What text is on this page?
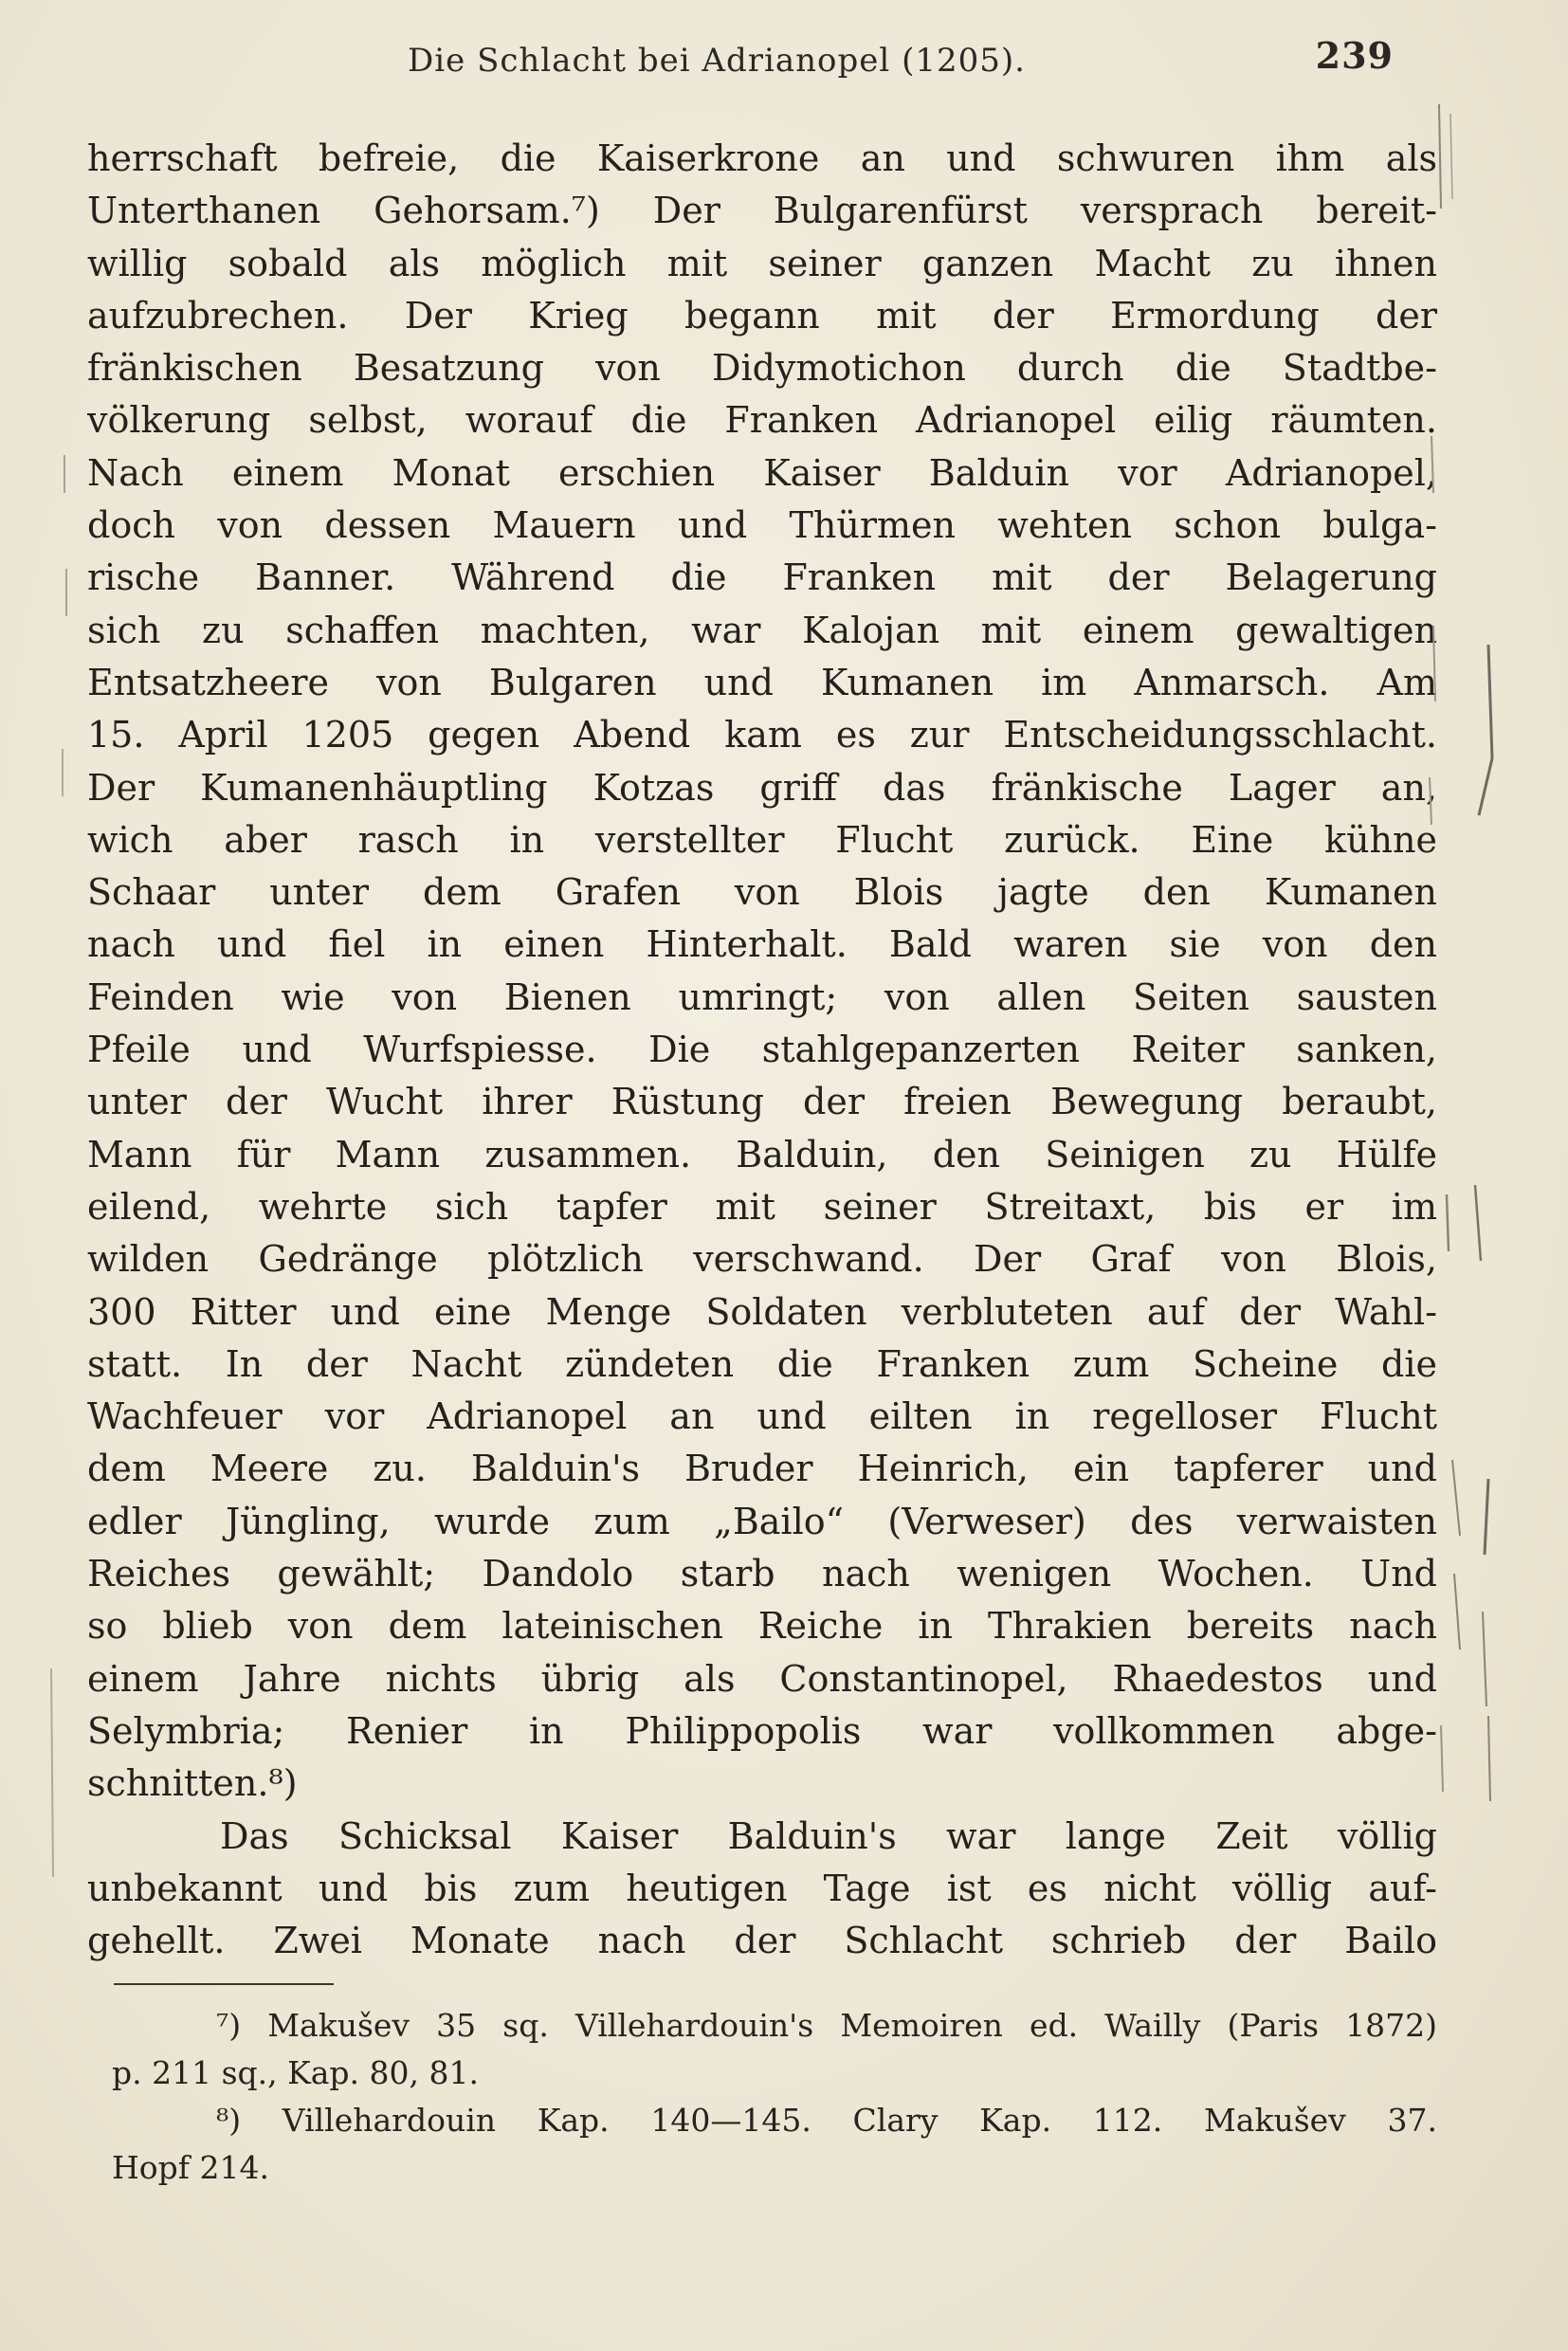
Die Schlacht bei Adrianopel (1205).	239
herrschaft befreie, die Kaiserkrone an und schwuren ihm als
Unterthanen Gehorsam.⁷) Der Bulgarenfürst versprach bereit-
willig sobald als möglich mit seiner ganzen Macht zu ihnen
aufzubrechen. Der Krieg begann mit der Ermordung der
fränkischen Besatzung von Didymotichon durch die Stadtbe-
völkerung selbst, worauf die Franken Adrianopel eilig räumten.
Nach einem Monat erschien Kaiser Balduin vor Adrianopel,
doch von dessen Mauern und Thürmen wehten schon bulga-
rische Banner. Während die Franken mit der Belagerung
sich zu schaffen machten, war Kalojan mit einem gewaltigen
Entsatzheere von Bulgaren und Kumanen im Anmarsch. Am
15. April 1205 gegen Abend kam es zur Entscheidungsschlacht.
Der Kumanenhäuptling Kotzas griff das fränkische Lager an,
wich aber rasch in verstellter Flucht zurück. Eine kühne
Schaar unter dem Grafen von Blois jagte den Kumanen
nach und fiel in einen Hinterhalt. Bald waren sie von den
Feinden wie von Bienen umringt; von allen Seiten sausten
Pfeile und Wurfspiesse. Die stahlgepanzerten Reiter sanken,
unter der Wucht ihrer Rüstung der freien Bewegung beraubt,
Mann für Mann zusammen. Balduin, den Seinigen zu Hülfe
eilend, wehrte sich tapfer mit seiner Streitaxt, bis er im
wilden Gedränge plötzlich verschwand. Der Graf von Blois,
300 Ritter und eine Menge Soldaten verbluteten auf der Wahl-
statt. In der Nacht zündeten die Franken zum Scheine die
Wachfeuer vor Adrianopel an und eilten in regelloser Flucht
dem Meere zu. Balduin's Bruder Heinrich, ein tapferer und
edler Jüngling, wurde zum „Bailo“ (Verweser) des verwaisten
Reiches gewählt; Dandolo starb nach wenigen Wochen. Und
so blieb von dem lateinischen Reiche in Thrakien bereits nach
einem Jahre nichts übrig als Constantinopel, Rhaedestos und
Selymbria; Renier in Philippopolis war vollkommen abge-
schnitten.⁸)
Das Schicksal Kaiser Balduin's war lange Zeit völlig
unbekannt und bis zum heutigen Tage ist es nicht völlig auf-
gehellt. Zwei Monate nach der Schlacht schrieb der Bailo
⁷) Makušev 35 sq. Villehardouin's Memoiren ed. Wailly (Paris 1872)
p. 211 sq., Kap. 80, 81.
⁸) Villehardouin Kap. 140—145. Clary Kap. 112. Makušev 37.
Hopf 214.
